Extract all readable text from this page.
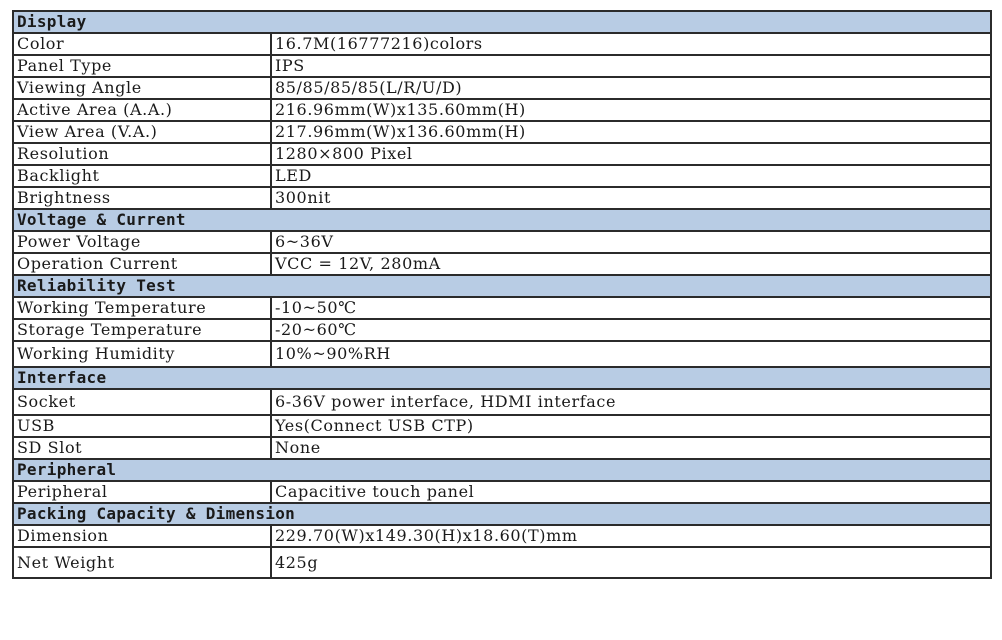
Display	
Color	16.7M(16777216)colors
Panel Type	IPS
Viewing Angle	85/85/85/85(L/R/U/D)
Active Area (A.A.)	216.96mm(W)x135.60mm(H)
View Area (V.A.)	217.96mm(W)x136.60mm(H)
Resolution	1280×800 Pixel
Backlight	LED
Brightness	300nit
Voltage & Current	
Power Voltage	6~36V
Operation Current	VCC = 12V, 280mA
Reliability Test	
Working Temperature	-10~50℃
Storage Temperature	-20~60℃
Working Humidity	10%~90%RH
Interface	
Socket	6-36V power interface, HDMI interface
USB	Yes(Connect USB CTP)
SD Slot	None
Peripheral	
Peripheral	Capacitive touch panel
Packing Capacity & Dimension	
Dimension	229.70(W)x149.30(H)x18.60(T)mm
Net Weight	425g
